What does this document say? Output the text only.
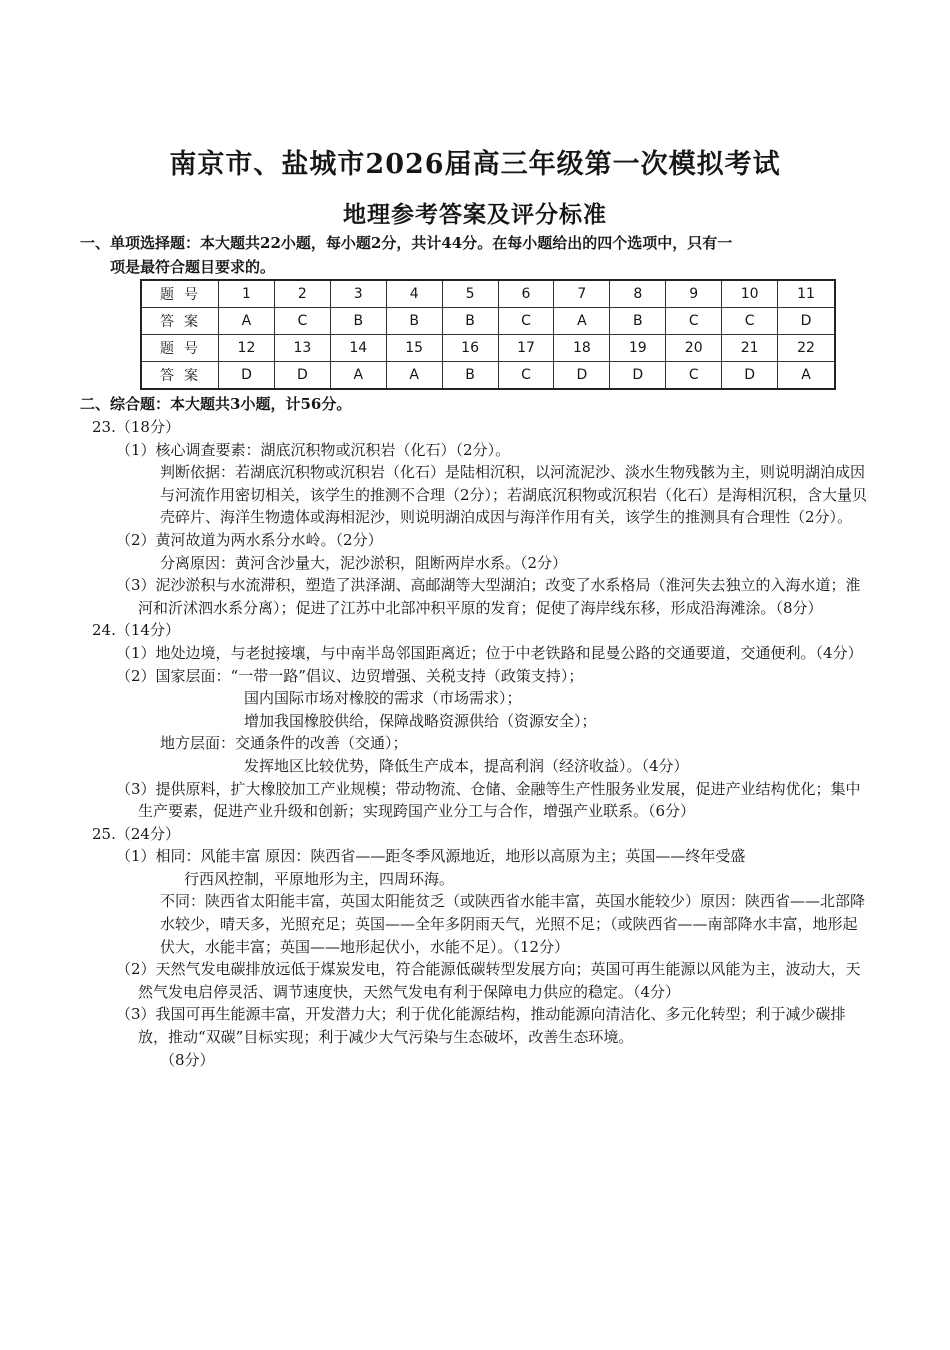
南京市、盐城市2026届高三年级第一次模拟考试
地理参考答案及评分标准
一、单项选择题：本大题共22小题，每小题2分，共计44分。在每小题给出的四个选项中，只有一
项是最符合题目要求的。
题号	1	2	3	4	5	6	7	8	9	10	11
答案	A	C	B	B	B	C	A	B	C	C	D
题号	12	13	14	15	16	17	18	19	20	21	22
答案	D	D	A	A	B	C	D	D	C	D	A
二、综合题：本大题共3小题，计56分。

23.（18分）

（1）核心调查要素：湖底沉积物或沉积岩（化石）（2分）。

判断依据：若湖底沉积物或沉积岩（化石）是陆相沉积，以河流泥沙、淡水生物残骸为主，则说明湖泊成因与河流作用密切相关，该学生的推测不合理（2分）；若湖底沉积物或沉积岩（化石）是海相沉积，含大量贝壳碎片、海洋生物遗体或海相泥沙，则说明湖泊成因与海洋作用有关，该学生的推测具有合理性（2分）。

（2）黄河故道为两水系分水岭。（2分）

分离原因：黄河含沙量大，泥沙淤积，阻断两岸水系。（2分）

（3）泥沙淤积与水流滞积，塑造了洪泽湖、高邮湖等大型湖泊；改变了水系格局（淮河失去独立的入海水道；淮河和沂沭泗水系分离）；促进了江苏中北部冲积平原的发育；促使了海岸线东移，形成沿海滩涂。（8分）

24.（14分）

（1）地处边境，与老挝接壤，与中南半岛邻国距离近；位于中老铁路和昆曼公路的交通要道，交通便利。（4分）

（2）国家层面：“一带一路”倡议、边贸增强、关税支持（政策支持）；

国内国际市场对橡胶的需求（市场需求）；

增加我国橡胶供给，保障战略资源供给（资源安全）；

地方层面：交通条件的改善（交通）；

发挥地区比较优势，降低生产成本，提高利润（经济收益）。（4分）

（3）提供原料，扩大橡胶加工产业规模；带动物流、仓储、金融等生产性服务业发展，促进产业结构优化；集中生产要素，促进产业升级和创新；实现跨国产业分工与合作，增强产业联系。（6分）

25.（24分）

（1）相同：风能丰富 原因：陕西省——距冬季风源地近，地形以高原为主；英国——终年受盛

行西风控制，平原地形为主，四周环海。

不同：陕西省太阳能丰富，英国太阳能贫乏（或陕西省水能丰富，英国水能较少）原因：陕西省——北部降水较少，晴天多，光照充足；英国——全年多阴雨天气，光照不足；（或陕西省——南部降水丰富，地形起伏大，水能丰富；英国——地形起伏小，水能不足）。（12分）

（2）天然气发电碳排放远低于煤炭发电，符合能源低碳转型发展方向；英国可再生能源以风能为主，波动大，天然气发电启停灵活、调节速度快，天然气发电有利于保障电力供应的稳定。（4分）

（3）我国可再生能源丰富，开发潜力大；利于优化能源结构，推动能源向清洁化、多元化转型；利于减少碳排放，推动“双碳”目标实现；利于减少大气污染与生态破坏，改善生态环境。

（8分）
